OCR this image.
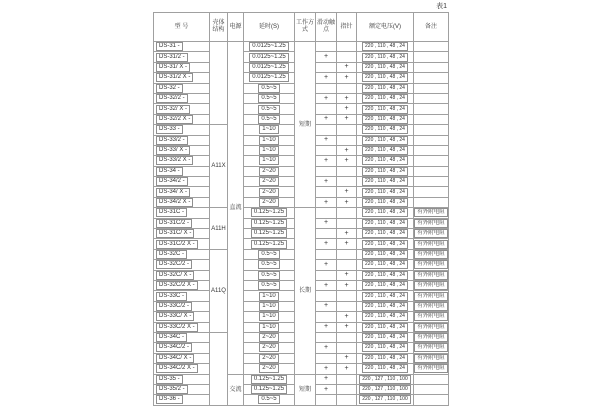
表1
型 号	壳体结构	电源	延时(S)	工作方式	滑动触点	指针	额定电压(V)	备注
DS-31 -		直流	0.0125~1.25	短期			220 , 110 , 48 , 24	
DS-31/2 -			0.0125~1.25		+		220 , 110 , 48 , 24	
DS-31/ X -			0.0125~1.25			+	220 , 110 , 48 , 24	
DS-31/2 X -			0.0125~1.25		+	+	220 , 110 , 48 , 24	
DS-32 -			0.5~5				220 , 110 , 48 , 24	
DS-32/2 -			0.5~5		+	+	220 , 110 , 48 , 24	
DS-32/ X -			0.5~5			+	220 , 110 , 48 , 24	
DS-32/2 X -			0.5~5		+	+	220 , 110 , 48 , 24	
DS-33 -	A11X		1~10				220 , 110 , 48 , 24	
DS-33/2 -			1~10		+		220 , 110 , 48 , 24	
DS-33/ X -			1~10			+	220 , 110 , 48 , 24	
DS-33/2 X -			1~10		+	+	220 , 110 , 48 , 24	
DS-34 -			2~20				220 , 110 , 48 , 24	
DS-34/2 -			2~20		+		220 , 110 , 48 , 24	
DS-34/ X -			2~20			+	220 , 110 , 48 , 24	
DS-34/2 X -			2~20		+	+	220 , 110 , 48 , 24	
DS-31C -	A11H		0.125~1.25	长期			220 , 110 , 48 , 24	有外附电阻
DS-31C/2 -			0.125~1.25		+		220 , 110 , 48 , 24	有外附电阻
DS-31C/ X -			0.125~1.25			+	220 , 110 , 48 , 24	有外附电阻
DS-31C/2 X -			0.125~1.25		+	+	220 , 110 , 48 , 24	有外附电阻
DS-32C -	A11Q		0.5~5				220 , 110 , 48 , 24	有外附电阻
DS-32C/2 -			0.5~5		+		220 , 110 , 48 , 24	有外附电阻
DS-32C/ X -			0.5~5			+	220 , 110 , 48 , 24	有外附电阻
DS-32C/2 X -			0.5~5		+	+	220 , 110 , 48 , 24	有外附电阻
DS-33C -			1~10				220 , 110 , 48 , 24	有外附电阻
DS-33C/2 -			1~10		+		220 , 110 , 48 , 24	有外附电阻
DS-33C/ X -			1~10			+	220 , 110 , 48 , 24	有外附电阻
DS-33C/2 X -			1~10		+	+	220 , 110 , 48 , 24	有外附电阻
DS-34C -			2~20				220 , 110 , 48 , 24	有外附电阻
DS-34C/2 -			2~20		+		220 , 110 , 48 , 24	有外附电阻
DS-34C/ X -			2~20			+	220 , 110 , 48 , 24	有外附电阻
DS-34C/2 X -			2~20		+	+	220 , 110 , 48 , 24	有外附电阻
DS-35 -		交流	0.125~1.25	短期	+		220 , 127 , 110 , 100	
DS-35/2 -			0.125~1.25		+		220 , 127 , 110 , 100	
DS-36 -			0.5~5				220 , 127 , 110 , 100	
